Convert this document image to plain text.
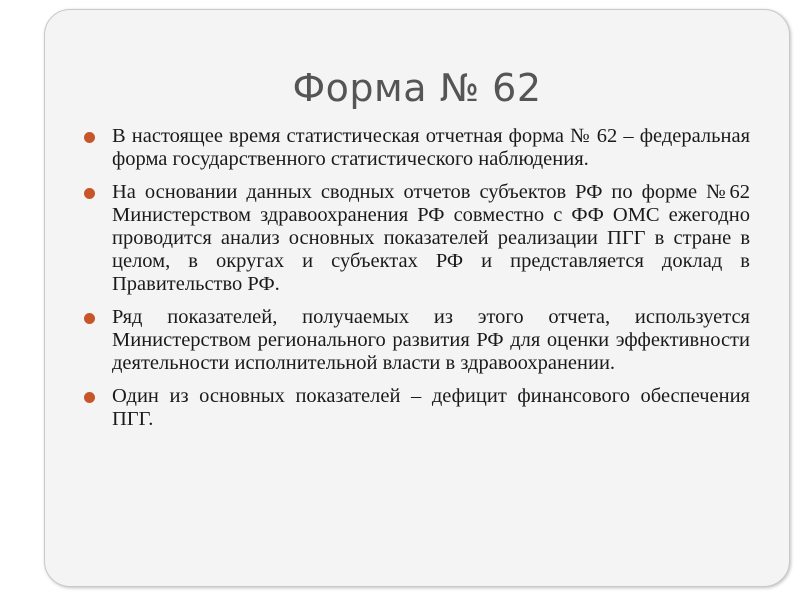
Форма № 62
В настоящее время статистическая отчетная форма № 62 – федеральная форма государственного статистического наблюдения.
На основании данных сводных отчетов субъектов РФ по форме №62 Министерством здравоохранения РФ совместно с ФФ ОМС ежегодно проводится анализ основных показателей реализации ПГГ в стране в целом, в округах и субъектах РФ и представляется доклад в Правительство РФ.
Ряд показателей, получаемых из этого отчета, используется Министерством регионального развития РФ для оценки эффективности деятельности исполнительной власти в здравоохранении.
Один из основных показателей – дефицит финансового обеспечения ПГГ.
